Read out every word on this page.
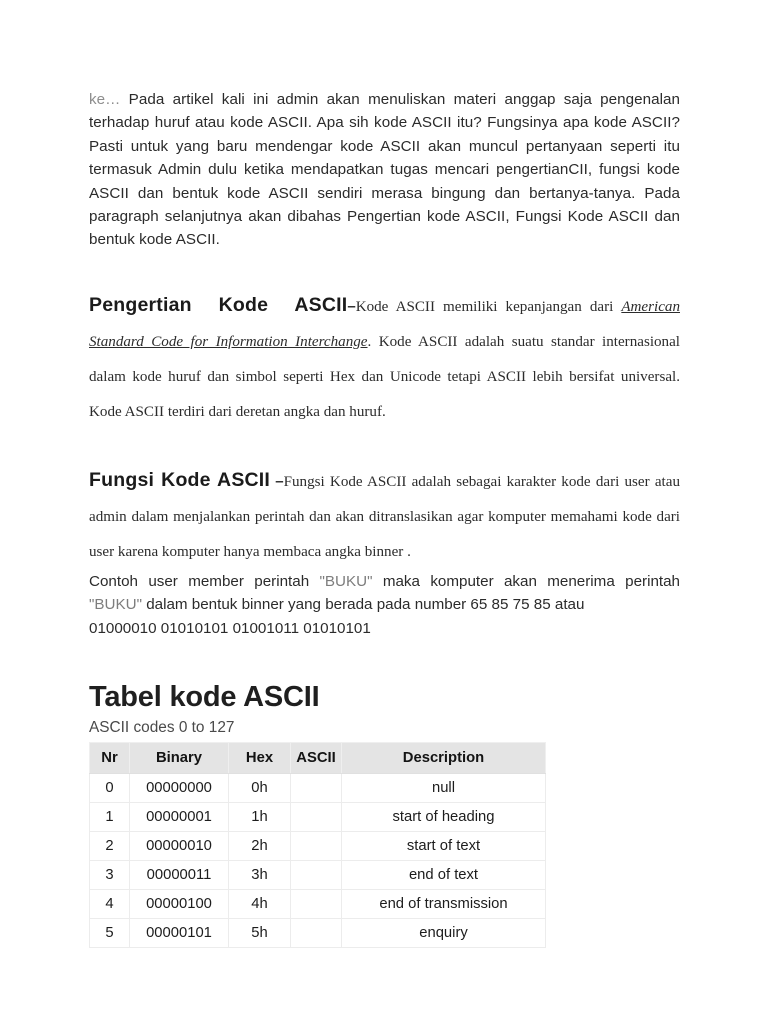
ke… Pada artikel kali ini admin akan menuliskan materi anggap saja pengenalan terhadap huruf atau kode ASCII. Apa sih kode ASCII itu? Fungsinya apa kode ASCII? Pasti untuk yang baru mendengar kode ASCII akan muncul pertanyaan seperti itu termasuk Admin dulu ketika mendapatkan tugas mencari pengertianCII, fungsi kode ASCII dan bentuk kode ASCII sendiri merasa bingung dan bertanya-tanya. Pada paragraph selanjutnya akan dibahas Pengertian kode ASCII, Fungsi Kode ASCII dan bentuk kode ASCII.

Pengertian Kode ASCII–Kode ASCII memiliki kepanjangan dari American Standard Code for Information Interchange. Kode ASCII adalah suatu standar internasional dalam kode huruf dan simbol seperti Hex dan Unicode tetapi ASCII lebih bersifat universal. Kode ASCII terdiri dari deretan angka dan huruf.

Fungsi Kode ASCII –Fungsi Kode ASCII adalah sebagai karakter kode dari user atau admin dalam menjalankan perintah dan akan ditranslasikan agar komputer memahami kode dari user karena komputer hanya membaca angka binner .

Contoh user member perintah "BUKU" maka komputer akan menerima perintah "BUKU" dalam bentuk binner yang berada pada number 65 85 75 85 atau

01000010 01010101 01001011 01010101

Tabel kode ASCII

ASCII codes 0 to 127

Nr	Binary	Hex	ASCII	Description
0	00000000	0h		null
1	00000001	1h		start of heading
2	00000010	2h		start of text
3	00000011	3h		end of text
4	00000100	4h		end of transmission
5	00000101	5h		enquiry
